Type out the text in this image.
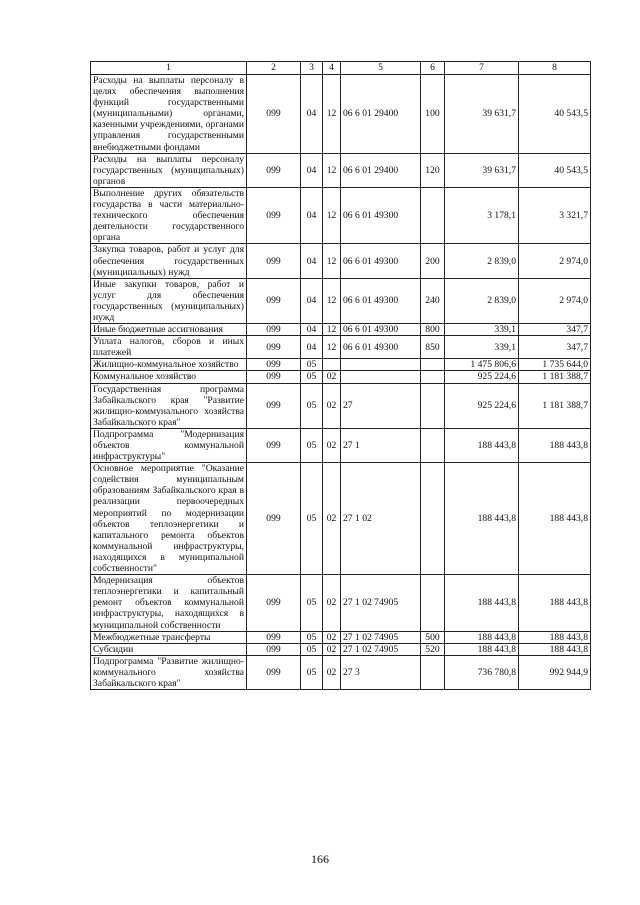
1	2	3	4	5	6	7	8
Расходы на выплаты персоналу в целях обеспечения выполнения функций государственными (муниципальными) органами, казенными учреждениями, органами управления государственными внебюджетными фондами	099	04	12	06 6 01 29400	100	39 631,7	40 543,5
Расходы на выплаты персоналу государственных (муниципальных) органов	099	04	12	06 6 01 29400	120	39 631,7	40 543,5
Выполнение других обязательств государства в части материально-технического обеспечения деятельности государственного органа	099	04	12	06 6 01 49300		3 178,1	3 321,7
Закупка товаров, работ и услуг для обеспечения государственных (муниципальных) нужд	099	04	12	06 6 01 49300	200	2 839,0	2 974,0
Иные закупки товаров, работ и услуг для обеспечения государственных (муниципальных) нужд	099	04	12	06 6 01 49300	240	2 839,0	2 974,0
Иные бюджетные ассигнования	099	04	12	06 6 01 49300	800	339,1	347,7
Уплата налогов, сборов и иных платежей	099	04	12	06 6 01 49300	850	339,1	347,7
Жилищно-коммунальное хозяйство	099	05				1 475 806,6	1 735 644,0
Коммунальное хозяйство	099	05	02			925 224,6	1 181 388,7
Государственная программа Забайкальского края "Развитие жилищно-коммунального хозяйства Забайкальского края"	099	05	02	27		925 224,6	1 181 388,7
Подпрограмма "Модернизация объектов коммунальной инфраструктуры"	099	05	02	27 1		188 443,8	188 443,8
Основное мероприятие "Оказание содействия муниципальным образованиям Забайкальского края в реализации первоочередных мероприятий по модернизации объектов теплоэнергетики и капитального ремонта объектов коммунальной инфраструктуры, находящихся в муниципальной собственности"	099	05	02	27 1 02		188 443,8	188 443,8
Модернизация объектов теплоэнергетики и капитальный ремонт объектов коммунальной инфраструктуры, находящихся в муниципальной собственности	099	05	02	27 1 02 74905		188 443,8	188 443,8
Межбюджетные трансферты	099	05	02	27 1 02 74905	500	188 443,8	188 443,8
Субсидии	099	05	02	27 1 02 74905	520	188 443,8	188 443,8
Подпрограмма "Развитие жилищно-коммунального хозяйства Забайкальского края"	099	05	02	27 3		736 780,8	992 944,9
166
